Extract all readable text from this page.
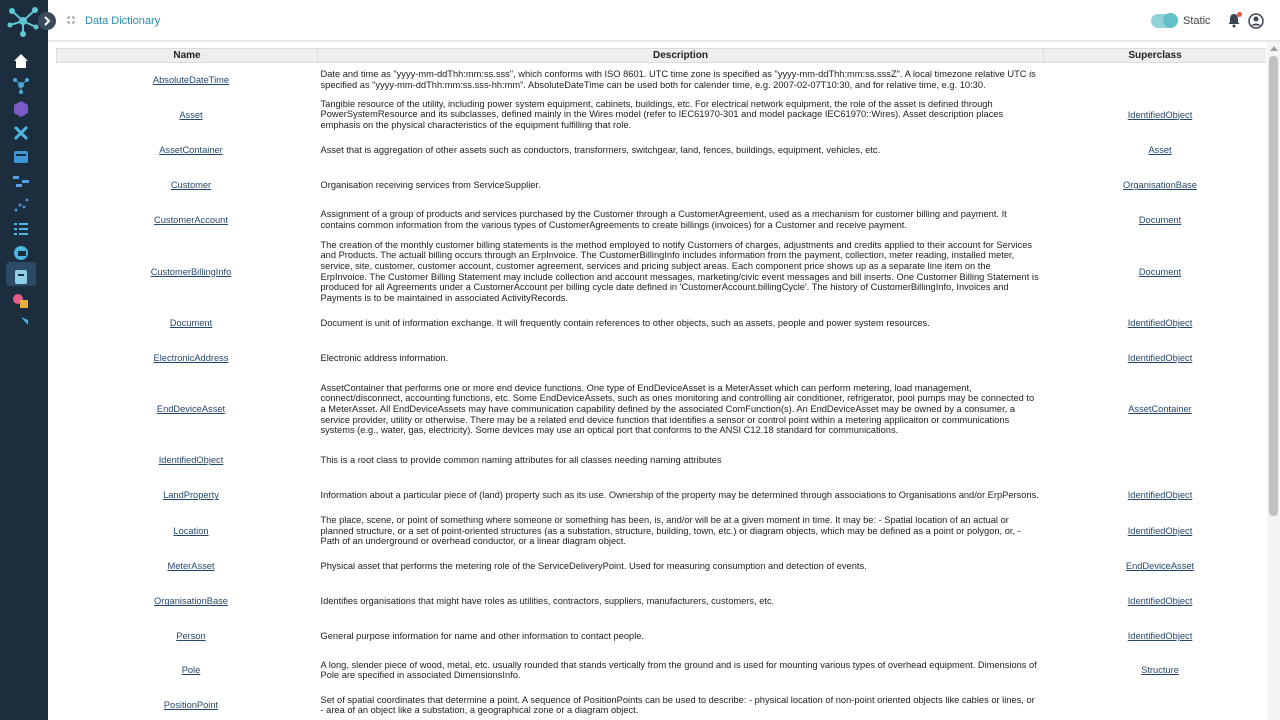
Data Dictionary	Static
Name	Description	Superclass
AbsoluteDateTime	Date and time as "yyyy-mm-ddThh:mm:ss.sss", which conforms with ISO 8601. UTC time zone is specified as "yyyy-mm-ddThh:mm:ss.sssZ". A local timezone relative UTC is specified as "yyyy-mm-ddThh:mm:ss.sss-hh:mm". AbsoluteDateTime can be used both for calender time, e.g. 2007-02-07T10:30, and for relative time, e.g. 10:30.	
Asset	Tangible resource of the utility, including power system equipment, cabinets, buildings, etc. For electrical network equipment, the role of the asset is defined through PowerSystemResource and its subclasses, defined mainly in the Wires model (refer to IEC61970-301 and model package IEC61970::Wires). Asset description places emphasis on the physical characteristics of the equipment fulfilling that role.	IdentifiedObject
AssetContainer	Asset that is aggregation of other assets such as conductors, transformers, switchgear, land, fences, buildings, equipment, vehicles, etc.	Asset
Customer	Organisation receiving services from ServiceSupplier.	OrganisationBase
CustomerAccount	Assignment of a group of products and services purchased by the Customer through a CustomerAgreement, used as a mechanism for customer billing and payment. It contains common information from the various types of CustomerAgreements to create billings (invoices) for a Customer and receive payment.	Document
CustomerBillingInfo	The creation of the monthly customer billing statements is the method employed to notify Customers of charges, adjustments and credits applied to their account for Services and Products. The actuall billing occurs through an ErpInvoice. The CustomerBillingInfo includes information from the payment, collection, meter reading, installed meter, service, site, customer, customer account, customer agreement, services and pricing subject areas. Each component price shows up as a separate line item on the ErpInvoice. The Customer Billing Statement may include collection and account messages, marketing/civic event messages and bill inserts. One Customer Billing Statement is produced for all Agreements under a CustomerAccount per billing cycle date defined in 'CustomerAccount.billingCycle'. The history of CustomerBillingInfo, Invoices and Payments is to be maintained in associated ActivityRecords.	Document
Document	Document is unit of information exchange. It will frequently contain references to other objects, such as assets, people and power system resources.	IdentifiedObject
ElectronicAddress	Electronic address information.	IdentifiedObject
EndDeviceAsset	AssetContainer that performs one or more end device functions. One type of EndDeviceAsset is a MeterAsset which can perform metering, load management, connect/disconnect, accounting functions, etc. Some EndDeviceAssets, such as ones monitoring and controlling air conditioner, refrigerator, pool pumps may be connected to a MeterAsset. All EndDeviceAssets may have communication capability defined by the associated ComFunction(s). An EndDeviceAsset may be owned by a consumer, a service provider, utility or otherwise. There may be a related end device function that identifies a sensor or control point within a metering applicaiton or communications systems (e.g., water, gas, electricity). Some devices may use an optical port that conforms to the ANSI C12.18 standard for communications.	AssetContainer
IdentifiedObject	This is a root class to provide common naming attributes for all classes needing naming attributes	
LandProperty	Information about a particular piece of (land) property such as its use. Ownership of the property may be determined through associations to Organisations and/or ErpPersons.	IdentifiedObject
Location	The place, scene, or point of something where someone or something has been, is, and/or will be at a given moment in time. It may be: - Spatial location of an actual or planned structure, or a set of point-oriented structures (as a substation, structure, building, town, etc.) or diagram objects, which may be defined as a point or polygon, or, - Path of an underground or overhead conductor, or a linear diagram object.	IdentifiedObject
MeterAsset	Physical asset that performs the metering role of the ServiceDeliveryPoint. Used for measuring consumption and detection of events.	EndDeviceAsset
OrganisationBase	Identifies organisations that might have roles as utilities, contractors, suppliers, manufacturers, customers, etc.	IdentifiedObject
Person	General purpose information for name and other information to contact people.	IdentifiedObject
Pole	A long, slender piece of wood, metal, etc. usually rounded that stands vertically from the ground and is used for mounting various types of overhead equipment. Dimensions of Pole are specified in associated DimensionsInfo.	Structure
PositionPoint	Set of spatial coordinates that determine a point. A sequence of PositionPoints can be used to describe: - physical location of non-point oriented objects like cables or lines, or - area of an object like a substation, a geographical zone or a diagram object.	
